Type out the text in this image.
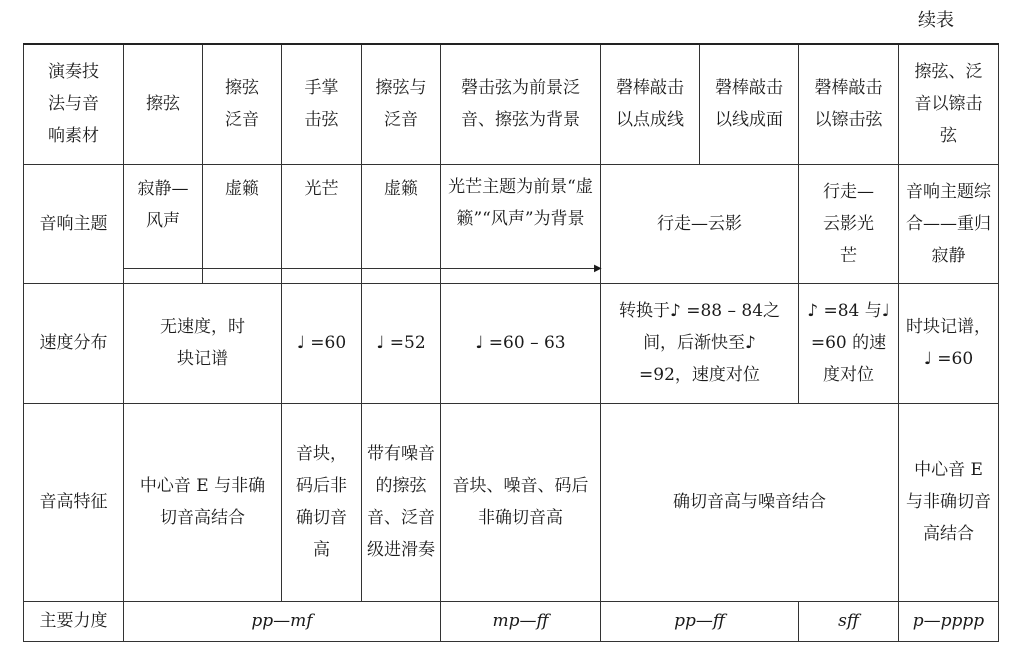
续表
演奏技法与音响素材	擦弦	擦弦泛音	手掌击弦	擦弦与泛音	磬击弦为前景泛音、擦弦为背景	磬棒敲击以点成线	磬棒敲击以线成面	磬棒敲击以镲击弦	擦弦、泛音以镲击弦

音响主题	寂静—风声	虚籁	光芒	虚籁	光芒主题为前景“虚籁”“风声”为背景	行走—云影		行走—云影光芒	音响主题综合——重归寂静

速度分布	无速度，时块记谱		♩ =60	♩ =52	♩ =60 – 63	转换于♪ =88 – 84之间，后渐快至♪ =92，速度对位		♪ =84 与♩ =60 的速度对位	时块记谱，♩ =60

音高特征	中心音 E 与非确切音高结合		音块，码后非确切音高	带有噪音的擦弦音、泛音级进滑奏	音块、噪音、码后非确切音高	确切音高与噪音结合			中心音 E与非确切音高结合

主要力度	pp—mf				mp—ff	pp—ff		sff	p—pppp
▶
